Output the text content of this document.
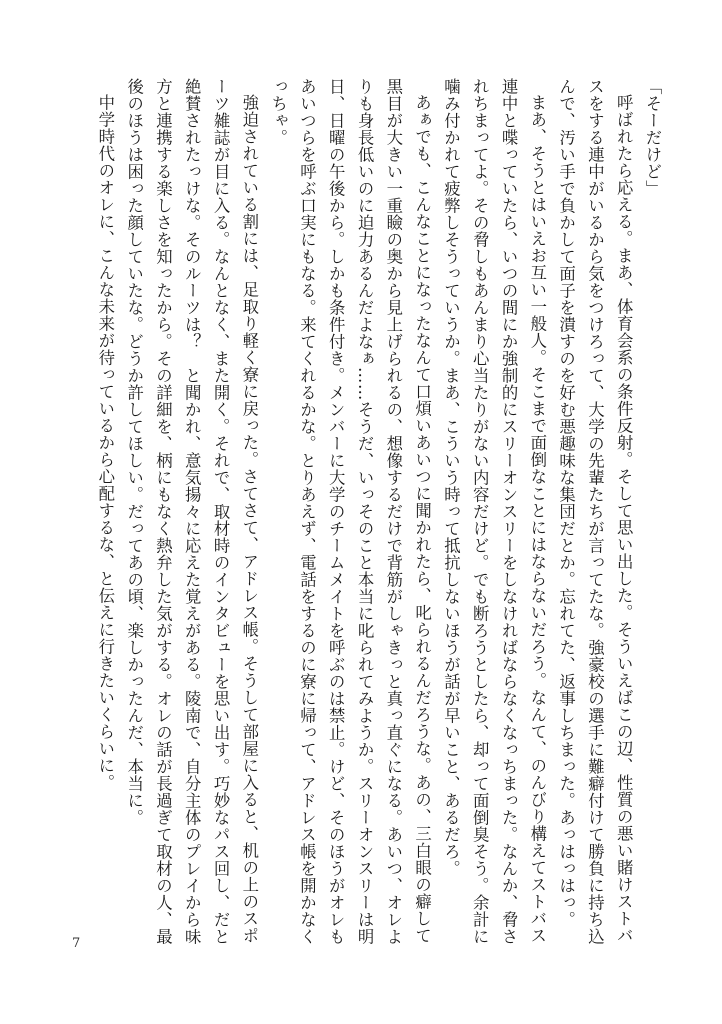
「そーだけど」

呼ばれたら応える。まあ、体育会系の条件反射。そして思い出した。そういえばこの辺、性質の悪い賭けストバスをする連中がいるから気をつけろって、大学の先輩たちが言ってたな。強豪校の選手に難癖付けて勝負に持ち込んで、汚い手で負かして面子を潰すのを好む悪趣味な集団だとか。忘れてた、返事しちまった。あっはっはっ。

まあ、そうとはいえお互い一般人。そこまで面倒なことにはならないだろう。なんて、のんびり構えてストバス連中と喋っていたら、いつの間にか強制的にスリーオンスリーをしなければならなくなっちまった。なんか、脅されちまってよ。その脅しもあんまり心当たりがない内容だけど。でも断ろうとしたら、却って面倒臭そう。余計に噛み付かれて疲弊しそうっていうか。まあ、こういう時って抵抗しないほうが話が早いこと、あるだろ。

あぁでも、こんなことになったなんて口煩いあいつに聞かれたら、叱られるんだろうな。あの、三白眼の癖して黒目が大きい一重瞼の奥から見上げられるの、想像するだけで背筋がしゃきっと真っ直ぐになる。あいつ、オレよりも身長低いのに迫力あるんだよなぁ……そうだ、いっそのこと本当に叱られてみようか。スリーオンスリーは明日、日曜の午後から。しかも条件付き。メンバーに大学のチームメイトを呼ぶのは禁止。けど、そのほうがオレもあいつらを呼ぶ口実にもなる。来てくれるかな。とりあえず、電話をするのに寮に帰って、アドレス帳を開かなくっちゃ。

強迫されている割には、足取り軽く寮に戻った。さてさて、アドレス帳。そうして部屋に入ると、机の上のスポーツ雑誌が目に入る。なんとなく、また開く。それで、取材時のインタビューを思い出す。巧妙なパス回し、だと絶賛されたっけな。そのルーツは？　と聞かれ、意気揚々に応えた覚えがある。陵南で、自分主体のプレイから味方と連携する楽しさを知ったから。その詳細を、柄にもなく熱弁した気がする。オレの話が長過ぎて取材の人、最後のほうは困った顔していたな。どうか許してほしい。だってあの頃、楽しかったんだ、本当に。

中学時代のオレに、こんな未来が待っているから心配するな、と伝えに行きたいくらいに。

7
